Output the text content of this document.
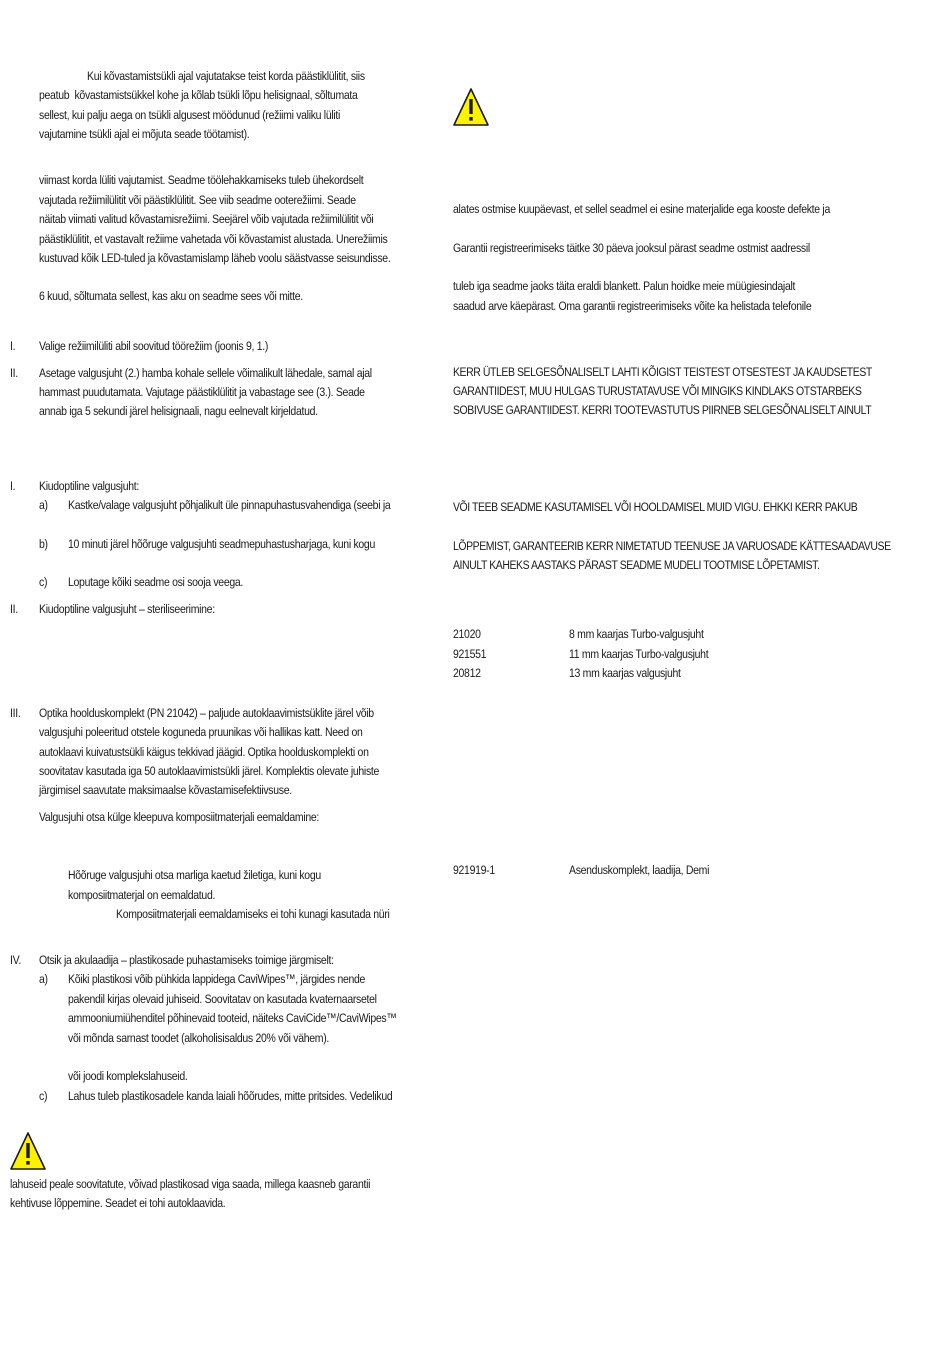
Kui kõvastamistsükli ajal vajutatakse teist korda päästiklülitit, siis
peatub  kõvastamistsükkel kohe ja kõlab tsükli lõpu helisignaal, sõltumata
sellest, kui palju aega on tsükli algusest möödunud (režiimi valiku lüliti
vajutamine tsükli ajal ei mõjuta seade töötamist).
viimast korda lüliti vajutamist. Seadme töölehakkamiseks tuleb ühekordselt
vajutada režiimilülitit või päästiklülitit. See viib seadme ooterežiimi. Seade
näitab viimati valitud kõvastamisrežiimi. Seejärel võib vajutada režiimilülitit või
päästiklülitit, et vastavalt režiime vahetada või kõvastamist alustada. Unerežiimis
kustuvad kõik LED-tuled ja kõvastamislamp läheb voolu säästvasse seisundisse.
6 kuud, sõltumata sellest, kas aku on seadme sees või mitte.
I. Valige režiimilüliti abil soovitud töörežiim (joonis 9, 1.)
II. Asetage valgusjuht (2.) hamba kohale sellele võimalikult lähedale, samal ajal
hammast puudutamata. Vajutage päästiklülitit ja vabastage see (3.). Seade
annab iga 5 sekundi järel helisignaali, nagu eelnevalt kirjeldatud.
I. Kiudoptiline valgusjuht:
a) Kastke/valage valgusjuht põhjalikult üle pinnapuhastusvahendiga (seebi ja
b) 10 minuti järel hõõruge valgusjuhti seadmepuhastusharjaga, kuni kogu
c) Loputage kõiki seadme osi sooja veega.
II. Kiudoptiline valgusjuht – steriliseerimine:
III. Optika hoolduskomplekt (PN 21042) – paljude autoklaavimistsüklite järel võib
valgusjuhi poleeritud otstele koguneda pruunikas või hallikas katt. Need on
autoklaavi kuivatustsükli käigus tekkivad jäägid. Optika hoolduskomplekti on
soovitatav kasutada iga 50 autoklaavimistsükli järel. Komplektis olevate juhiste
järgimisel saavutate maksimaalse kõvastamisefektiivsuse.
Valgusjuhi otsa külge kleepuva komposiitmaterjali eemaldamine:
Hõõruge valgusjuhi otsa marliga kaetud žiletiga, kuni kogu
komposiitmaterjal on eemaldatud.
Komposiitmaterjali eemaldamiseks ei tohi kunagi kasutada nüri
IV. Otsik ja akulaadija – plastikosade puhastamiseks toimige järgmiselt:
a) Kõiki plastikosi võib pühkida lappidega CaviWipes™, järgides nende
pakendil kirjas olevaid juhiseid. Soovitatav on kasutada kvaternaarsetel
ammooniumiühenditel põhinevaid tooteid, näiteks CaviCide™/CaviWipes™
või mõnda sarnast toodet (alkoholisisaldus 20% või vähem).
või joodi komplekslahuseid.
c) Lahus tuleb plastikosadele kanda laiali hõõrudes, mitte pritsides. Vedelikud
lahuseid peale soovitatute, võivad plastikosad viga saada, millega kaasneb garantii
kehtivuse lõppemine. Seadet ei tohi autoklaavida.
alates ostmise kuupäevast, et sellel seadmel ei esine materjalide ega kooste defekte ja
Garantii registreerimiseks täitke 30 päeva jooksul pärast seadme ostmist aadressil
tuleb iga seadme jaoks täita eraldi blankett. Palun hoidke meie müügiesindajalt
saadud arve käepärast. Oma garantii registreerimiseks võite ka helistada telefonile
KERR ÜTLEB SELGESÕNALISELT LAHTI KÕIGIST TEISTEST OTSESTEST JA KAUDSETEST
GARANTIIDEST, MUU HULGAS TURUSTATAVUSE VÕI MINGIKS KINDLAKS OTSTARBEKS
SOBIVUSE GARANTIIDEST. KERRI TOOTEVASTUTUS PIIRNEB SELGESÕNALISELT AINULT
VÕI TEEB SEADME KASUTAMISEL VÕI HOOLDAMISEL MUID VIGU. EHKKI KERR PAKUB
LÕPPEMIST, GARANTEERIB KERR NIMETATUD TEENUSE JA VARUOSADE KÄTTESAADAVUSE
AINULT KAHEKS AASTAKS PÄRAST SEADME MUDELI TOOTMISE LÕPETAMIST.
21020	8 mm kaarjas Turbo-valgusjuht
921551	11 mm kaarjas Turbo-valgusjuht
20812	13 mm kaarjas valgusjuht
921919-1	Asenduskomplekt, laadija, Demi
